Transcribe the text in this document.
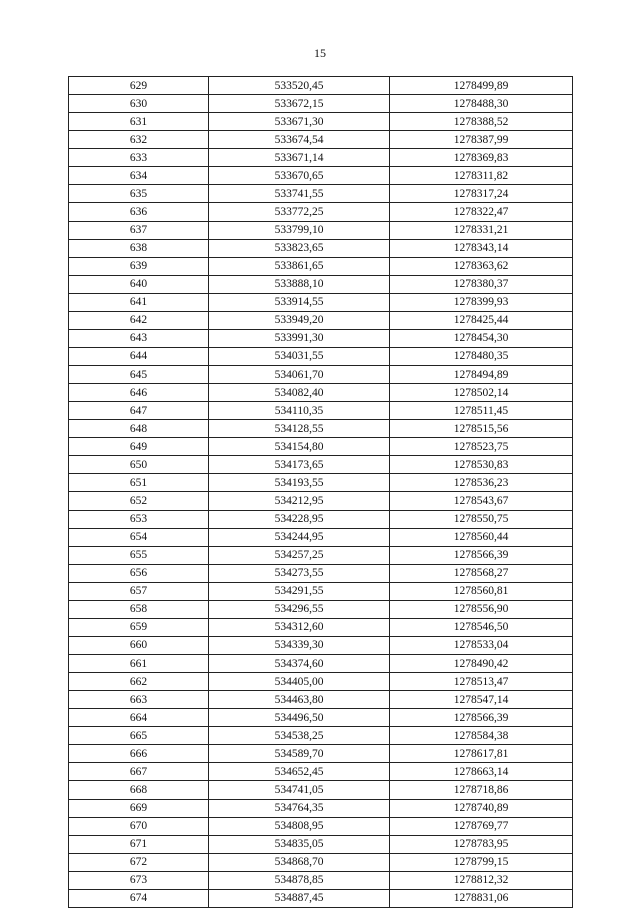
15
629	533520,45	1278499,89
630	533672,15	1278488,30
631	533671,30	1278388,52
632	533674,54	1278387,99
633	533671,14	1278369,83
634	533670,65	1278311,82
635	533741,55	1278317,24
636	533772,25	1278322,47
637	533799,10	1278331,21
638	533823,65	1278343,14
639	533861,65	1278363,62
640	533888,10	1278380,37
641	533914,55	1278399,93
642	533949,20	1278425,44
643	533991,30	1278454,30
644	534031,55	1278480,35
645	534061,70	1278494,89
646	534082,40	1278502,14
647	534110,35	1278511,45
648	534128,55	1278515,56
649	534154,80	1278523,75
650	534173,65	1278530,83
651	534193,55	1278536,23
652	534212,95	1278543,67
653	534228,95	1278550,75
654	534244,95	1278560,44
655	534257,25	1278566,39
656	534273,55	1278568,27
657	534291,55	1278560,81
658	534296,55	1278556,90
659	534312,60	1278546,50
660	534339,30	1278533,04
661	534374,60	1278490,42
662	534405,00	1278513,47
663	534463,80	1278547,14
664	534496,50	1278566,39
665	534538,25	1278584,38
666	534589,70	1278617,81
667	534652,45	1278663,14
668	534741,05	1278718,86
669	534764,35	1278740,89
670	534808,95	1278769,77
671	534835,05	1278783,95
672	534868,70	1278799,15
673	534878,85	1278812,32
674	534887,45	1278831,06
